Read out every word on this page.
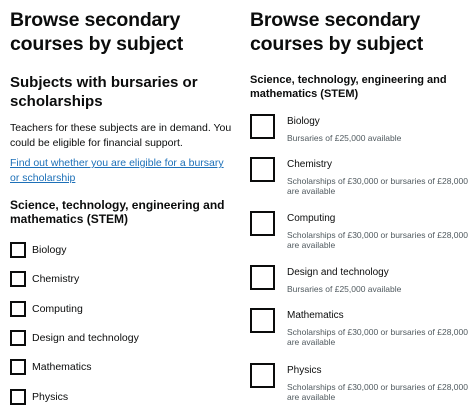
Browse secondary courses by subject
Subjects with bursaries or scholarships

Teachers for these subjects are in demand. You could be eligible for financial support.

Find out whether you are eligible for a bursary or scholarship
Science, technology, engineering and mathematics (STEM)
Biology
Chemistry
Computing
Design and technology
Mathematics
Physics
Browse secondary courses by subject
Science, technology, engineering and mathematics (STEM)
Biology
Bursaries of £25,000 available
Chemistry
Scholarships of £30,000 or bursaries of £28,000 are available
Computing
Scholarships of £30,000 or bursaries of £28,000 are available
Design and technology
Bursaries of £25,000 available
Mathematics
Scholarships of £30,000 or bursaries of £28,000 are available
Physics
Scholarships of £30,000 or bursaries of £28,000 are available
